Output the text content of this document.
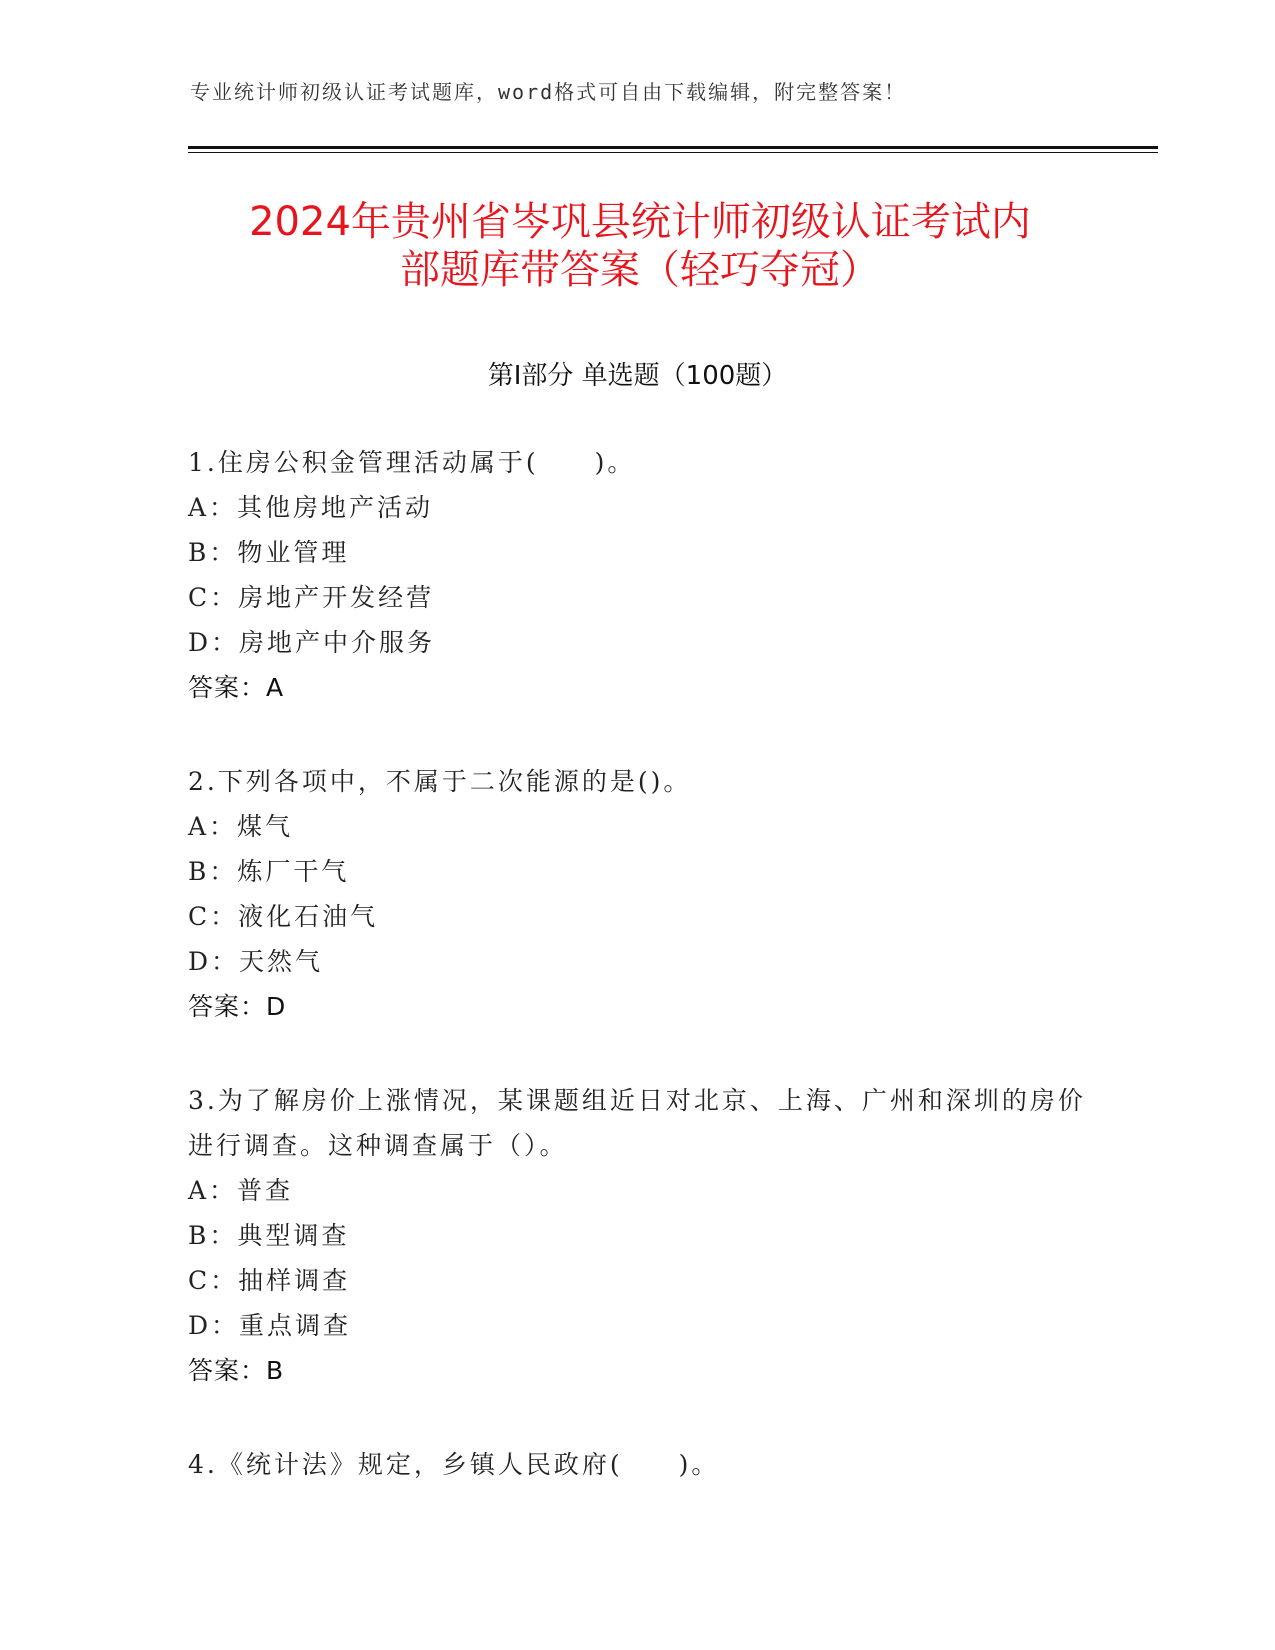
专业统计师初级认证考试题库，word格式可自由下载编辑，附完整答案！
2024年贵州省岑巩县统计师初级认证考试内
部题库带答案（轻巧夺冠）
第Ⅰ部分 单选题（100题）
1.住房公积金管理活动属于(　　)。
A：其他房地产活动
B：物业管理
C：房地产开发经营
D：房地产中介服务
答案：A
2.下列各项中，不属于二次能源的是()。
A：煤气
B：炼厂干气
C：液化石油气
D：天然气
答案：D
3.为了解房价上涨情况，某课题组近日对北京、上海、广州和深圳的房价进行调查。这种调查属于（）。
A：普查
B：典型调查
C：抽样调查
D：重点调查
答案：B
4.《统计法》规定，乡镇人民政府(　　)。
